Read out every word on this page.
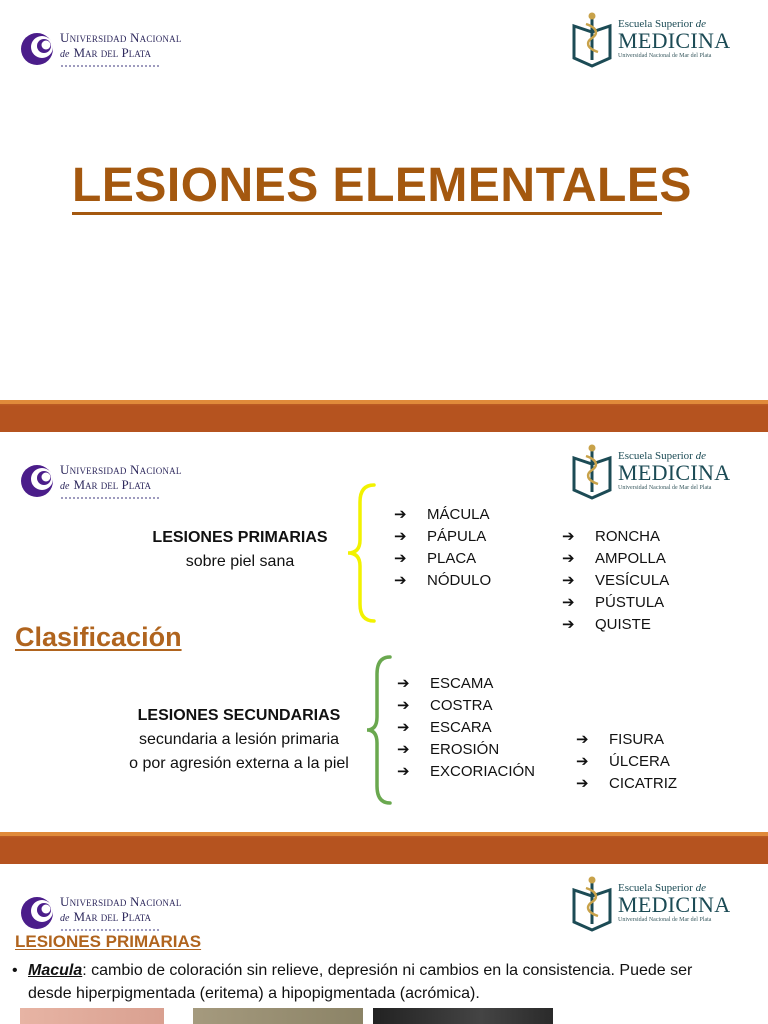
Universidad Nacional
de Mar del Plata
Escuela Superior de
MEDICINA
Universidad Nacional de Mar del Plata
LESIONES ELEMENTALES
Universidad Nacional
de Mar del Plata
Escuela Superior de
MEDICINA
Universidad Nacional de Mar del Plata
Clasificación
LESIONES PRIMARIAS
sobre piel sana
➔	MÁCULA
➔	PÁPULA
➔	PLACA
➔	NÓDULO
➔	RONCHA
➔	AMPOLLA
➔	VESÍCULA
➔	PÚSTULA
➔	QUISTE
LESIONES SECUNDARIAS
secundaria a lesión primaria
o por agresión externa a la piel
➔	ESCAMA
➔	COSTRA
➔	ESCARA
➔	EROSIÓN
➔	EXCORIACIÓN
➔	FISURA
➔	ÚLCERA
➔	CICATRIZ
Universidad Nacional
de Mar del Plata
Escuela Superior de
MEDICINA
Universidad Nacional de Mar del Plata
LESIONES PRIMARIAS
• Macula: cambio de coloración sin relieve, depresión ni cambios en la consistencia. Puede ser
desde hiperpigmentada (eritema) a hipopigmentada (acrómica).
